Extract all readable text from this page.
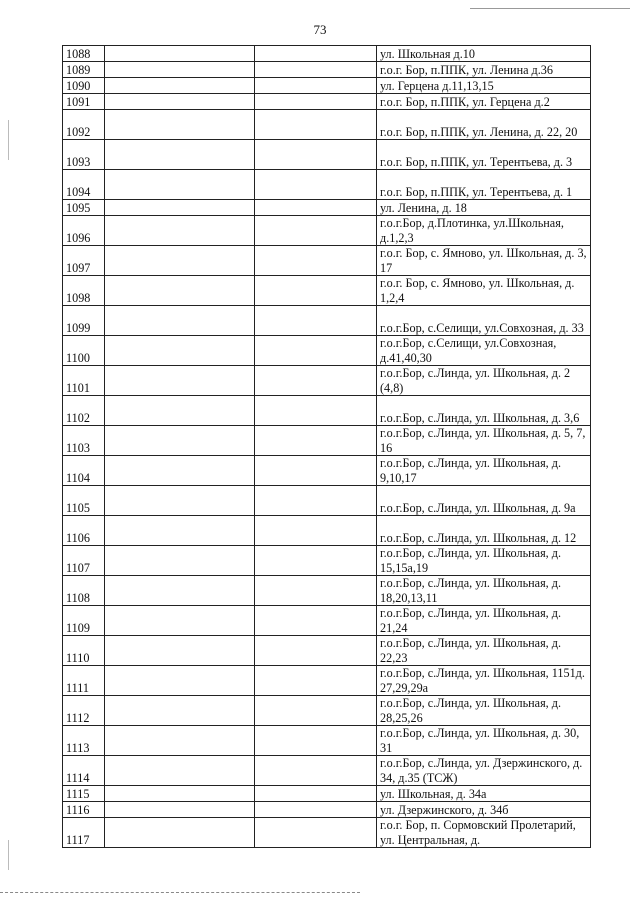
73
1088			ул. Школьная д.10
1089			г.о.г. Бор, п.ППК, ул. Ленина д.36
1090			ул. Герцена д.11,13,15
1091			г.о.г. Бор, п.ППК, ул. Герцена д.2
1092			г.о.г. Бор, п.ППК, ул. Ленина, д. 22, 20
1093			г.о.г. Бор, п.ППК, ул. Терентьева, д. 3
1094			г.о.г. Бор, п.ППК, ул. Терентьева, д. 1
1095			ул. Ленина, д. 18
1096			г.о.г.Бор, д.Плотинка, ул.Школьная, д.1,2,3
1097			г.о.г. Бор, с. Ямново, ул. Школьная, д. 3, 17
1098			г.о.г. Бор, с. Ямново, ул. Школьная, д. 1,2,4
1099			г.о.г.Бор, с.Селищи, ул.Совхозная, д. 33
1100			г.о.г.Бор, с.Селищи, ул.Совхозная, д.41,40,30
1101			г.о.г.Бор, с.Линда, ул. Школьная, д. 2 (4,8)
1102			г.о.г.Бор, с.Линда, ул. Школьная, д. 3,6
1103			г.о.г.Бор, с.Линда, ул. Школьная, д. 5, 7, 16
1104			г.о.г.Бор, с.Линда, ул. Школьная, д. 9,10,17
1105			г.о.г.Бор, с.Линда, ул. Школьная, д. 9а
1106			г.о.г.Бор, с.Линда, ул. Школьная, д. 12
1107			г.о.г.Бор, с.Линда, ул. Школьная, д. 15,15а,19
1108			г.о.г.Бор, с.Линда, ул. Школьная, д. 18,20,13,11
1109			г.о.г.Бор, с.Линда, ул. Школьная, д. 21,24
1110			г.о.г.Бор, с.Линда, ул. Школьная, д. 22,23
1111			г.о.г.Бор, с.Линда, ул. Школьная, 1151д. 27,29,29а
1112			г.о.г.Бор, с.Линда, ул. Школьная, д. 28,25,26
1113			г.о.г.Бор, с.Линда, ул. Школьная, д. 30, 31
1114			г.о.г.Бор, с.Линда, ул. Дзержинского, д. 34, д.35 (ТСЖ)
1115			ул. Школьная, д. 34а
1116			ул. Дзержинского, д. 34б
1117			г.о.г. Бор, п. Сормовский Пролетарий, ул. Центральная, д.
